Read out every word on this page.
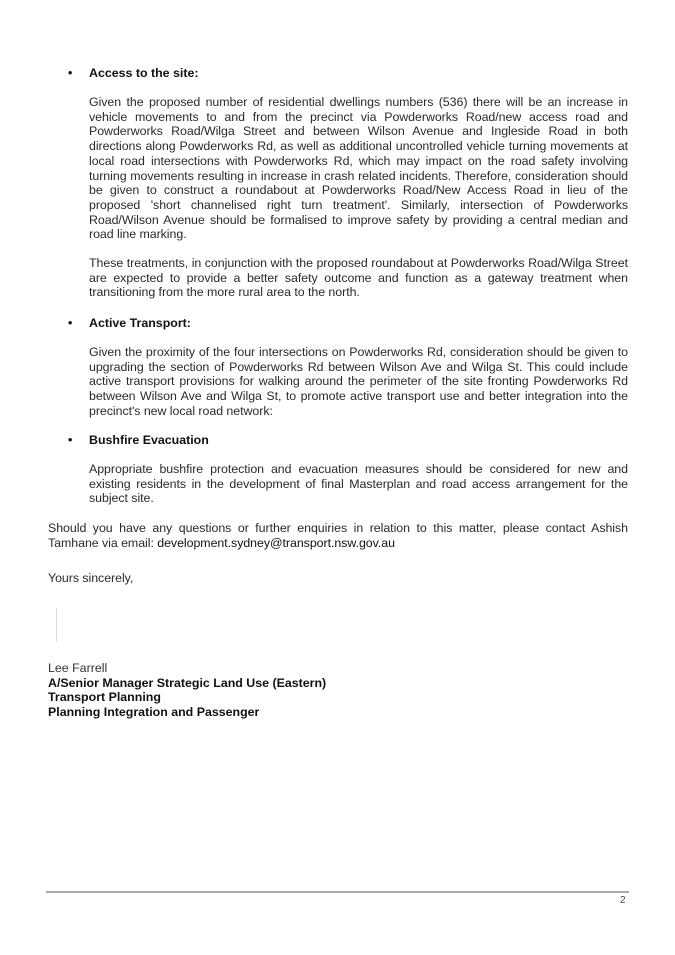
• Access to the site:

Given the proposed number of residential dwellings numbers (536) there will be an increase in vehicle movements to and from the precinct via Powderworks Road/new access road and Powderworks Road/Wilga Street and between Wilson Avenue and Ingleside Road in both directions along Powderworks Rd, as well as additional uncontrolled vehicle turning movements at local road intersections with Powderworks Rd, which may impact on the road safety involving turning movements resulting in increase in crash related incidents. Therefore, consideration should be given to construct a roundabout at Powderworks Road/New Access Road in lieu of the proposed 'short channelised right turn treatment'. Similarly, intersection of Powderworks Road/Wilson Avenue should be formalised to improve safety by providing a central median and road line marking.

These treatments, in conjunction with the proposed roundabout at Powderworks Road/Wilga Street are expected to provide a better safety outcome and function as a gateway treatment when transitioning from the more rural area to the north.

• Active Transport:

Given the proximity of the four intersections on Powderworks Rd, consideration should be given to upgrading the section of Powderworks Rd between Wilson Ave and Wilga St. This could include active transport provisions for walking around the perimeter of the site fronting Powderworks Rd between Wilson Ave and Wilga St, to promote active transport use and better integration into the precinct's new local road network:

• Bushfire Evacuation

Appropriate bushfire protection and evacuation measures should be considered for new and existing residents in the development of final Masterplan and road access arrangement for the subject site.

Should you have any questions or further enquiries in relation to this matter, please contact Ashish Tamhane via email: development.sydney@transport.nsw.gov.au

Yours sincerely,

Lee Farrell
A/Senior Manager Strategic Land Use (Eastern)
Transport Planning
Planning Integration and Passenger
2
